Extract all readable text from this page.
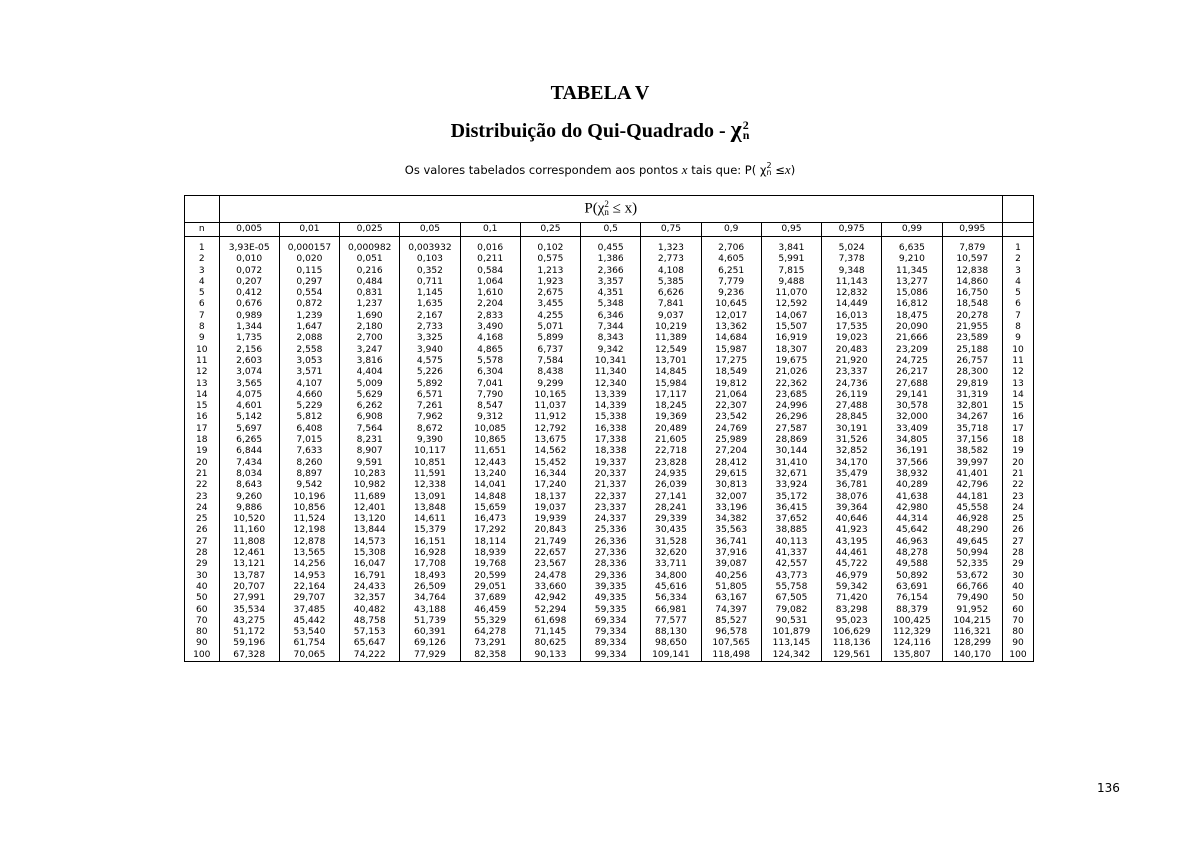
TABELA V
Distribuição do Qui-Quadrado - χ 2
n
Os valores tabelados correspondem aos pontos x tais que: P( χ 2
n ≤x)
	P(χ 2
n ≤ x)													
n	0,005	0,01	0,025	0,05	0,1	0,25	0,5	0,75	0,9	0,95	0,975	0,99	0,995	

1	3,93E-05	0,000157	0,000982	0,003932	0,016	0,102	0,455	1,323	2,706	3,841	5,024	6,635	7,879	1
2	0,010	0,020	0,051	0,103	0,211	0,575	1,386	2,773	4,605	5,991	7,378	9,210	10,597	2
3	0,072	0,115	0,216	0,352	0,584	1,213	2,366	4,108	6,251	7,815	9,348	11,345	12,838	3
4	0,207	0,297	0,484	0,711	1,064	1,923	3,357	5,385	7,779	9,488	11,143	13,277	14,860	4
5	0,412	0,554	0,831	1,145	1,610	2,675	4,351	6,626	9,236	11,070	12,832	15,086	16,750	5
6	0,676	0,872	1,237	1,635	2,204	3,455	5,348	7,841	10,645	12,592	14,449	16,812	18,548	6
7	0,989	1,239	1,690	2,167	2,833	4,255	6,346	9,037	12,017	14,067	16,013	18,475	20,278	7
8	1,344	1,647	2,180	2,733	3,490	5,071	7,344	10,219	13,362	15,507	17,535	20,090	21,955	8
9	1,735	2,088	2,700	3,325	4,168	5,899	8,343	11,389	14,684	16,919	19,023	21,666	23,589	9
10	2,156	2,558	3,247	3,940	4,865	6,737	9,342	12,549	15,987	18,307	20,483	23,209	25,188	10
11	2,603	3,053	3,816	4,575	5,578	7,584	10,341	13,701	17,275	19,675	21,920	24,725	26,757	11
12	3,074	3,571	4,404	5,226	6,304	8,438	11,340	14,845	18,549	21,026	23,337	26,217	28,300	12
13	3,565	4,107	5,009	5,892	7,041	9,299	12,340	15,984	19,812	22,362	24,736	27,688	29,819	13
14	4,075	4,660	5,629	6,571	7,790	10,165	13,339	17,117	21,064	23,685	26,119	29,141	31,319	14
15	4,601	5,229	6,262	7,261	8,547	11,037	14,339	18,245	22,307	24,996	27,488	30,578	32,801	15
16	5,142	5,812	6,908	7,962	9,312	11,912	15,338	19,369	23,542	26,296	28,845	32,000	34,267	16
17	5,697	6,408	7,564	8,672	10,085	12,792	16,338	20,489	24,769	27,587	30,191	33,409	35,718	17
18	6,265	7,015	8,231	9,390	10,865	13,675	17,338	21,605	25,989	28,869	31,526	34,805	37,156	18
19	6,844	7,633	8,907	10,117	11,651	14,562	18,338	22,718	27,204	30,144	32,852	36,191	38,582	19
20	7,434	8,260	9,591	10,851	12,443	15,452	19,337	23,828	28,412	31,410	34,170	37,566	39,997	20
21	8,034	8,897	10,283	11,591	13,240	16,344	20,337	24,935	29,615	32,671	35,479	38,932	41,401	21
22	8,643	9,542	10,982	12,338	14,041	17,240	21,337	26,039	30,813	33,924	36,781	40,289	42,796	22
23	9,260	10,196	11,689	13,091	14,848	18,137	22,337	27,141	32,007	35,172	38,076	41,638	44,181	23
24	9,886	10,856	12,401	13,848	15,659	19,037	23,337	28,241	33,196	36,415	39,364	42,980	45,558	24
25	10,520	11,524	13,120	14,611	16,473	19,939	24,337	29,339	34,382	37,652	40,646	44,314	46,928	25
26	11,160	12,198	13,844	15,379	17,292	20,843	25,336	30,435	35,563	38,885	41,923	45,642	48,290	26
27	11,808	12,878	14,573	16,151	18,114	21,749	26,336	31,528	36,741	40,113	43,195	46,963	49,645	27
28	12,461	13,565	15,308	16,928	18,939	22,657	27,336	32,620	37,916	41,337	44,461	48,278	50,994	28
29	13,121	14,256	16,047	17,708	19,768	23,567	28,336	33,711	39,087	42,557	45,722	49,588	52,335	29
30	13,787	14,953	16,791	18,493	20,599	24,478	29,336	34,800	40,256	43,773	46,979	50,892	53,672	30
40	20,707	22,164	24,433	26,509	29,051	33,660	39,335	45,616	51,805	55,758	59,342	63,691	66,766	40
50	27,991	29,707	32,357	34,764	37,689	42,942	49,335	56,334	63,167	67,505	71,420	76,154	79,490	50
60	35,534	37,485	40,482	43,188	46,459	52,294	59,335	66,981	74,397	79,082	83,298	88,379	91,952	60
70	43,275	45,442	48,758	51,739	55,329	61,698	69,334	77,577	85,527	90,531	95,023	100,425	104,215	70
80	51,172	53,540	57,153	60,391	64,278	71,145	79,334	88,130	96,578	101,879	106,629	112,329	116,321	80
90	59,196	61,754	65,647	69,126	73,291	80,625	89,334	98,650	107,565	113,145	118,136	124,116	128,299	90
100	67,328	70,065	74,222	77,929	82,358	90,133	99,334	109,141	118,498	124,342	129,561	135,807	140,170	100
136
